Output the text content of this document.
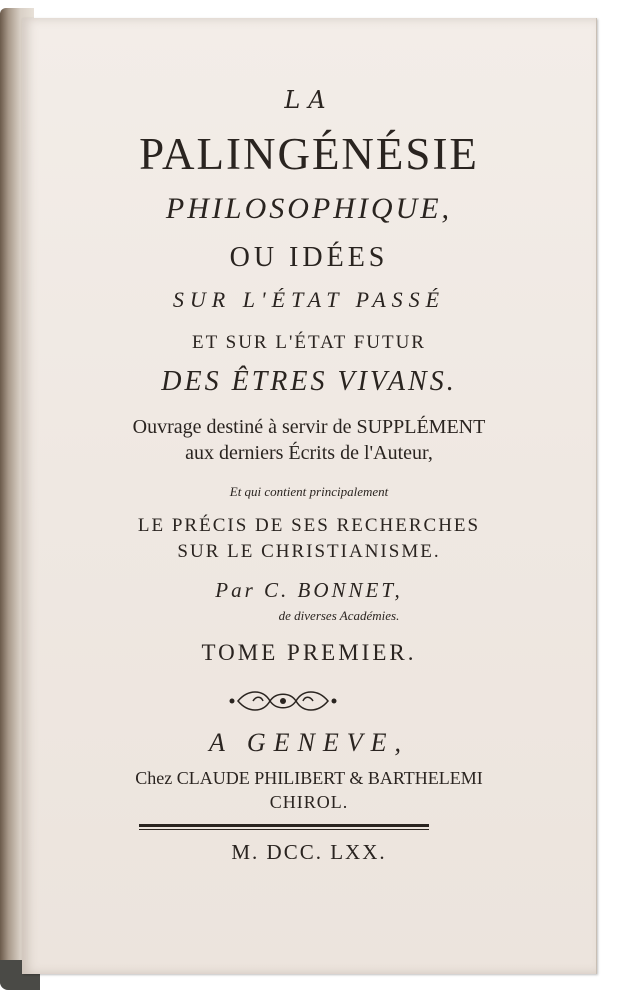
LA
PALINGÉNÉSIE
PHILOSOPHIQUE,
OU IDÉES
SUR L'ÉTAT PASSÉ
ET SUR L'ÉTAT FUTUR
DES ÊTRES VIVANS.
Ouvrage destiné à servir de SUPPLÉMENT
aux derniers Écrits de l'Auteur,
Et qui contient principalement
LE PRÉCIS DE SES RECHERCHES
SUR LE CHRISTIANISME.
Par C. BONNET,
de diverses Académies.
TOME PREMIER.
A GENEVE,
Chez CLAUDE PHILIBERT & BARTHELEMI
CHIROL.
M. DCC. LXX.
